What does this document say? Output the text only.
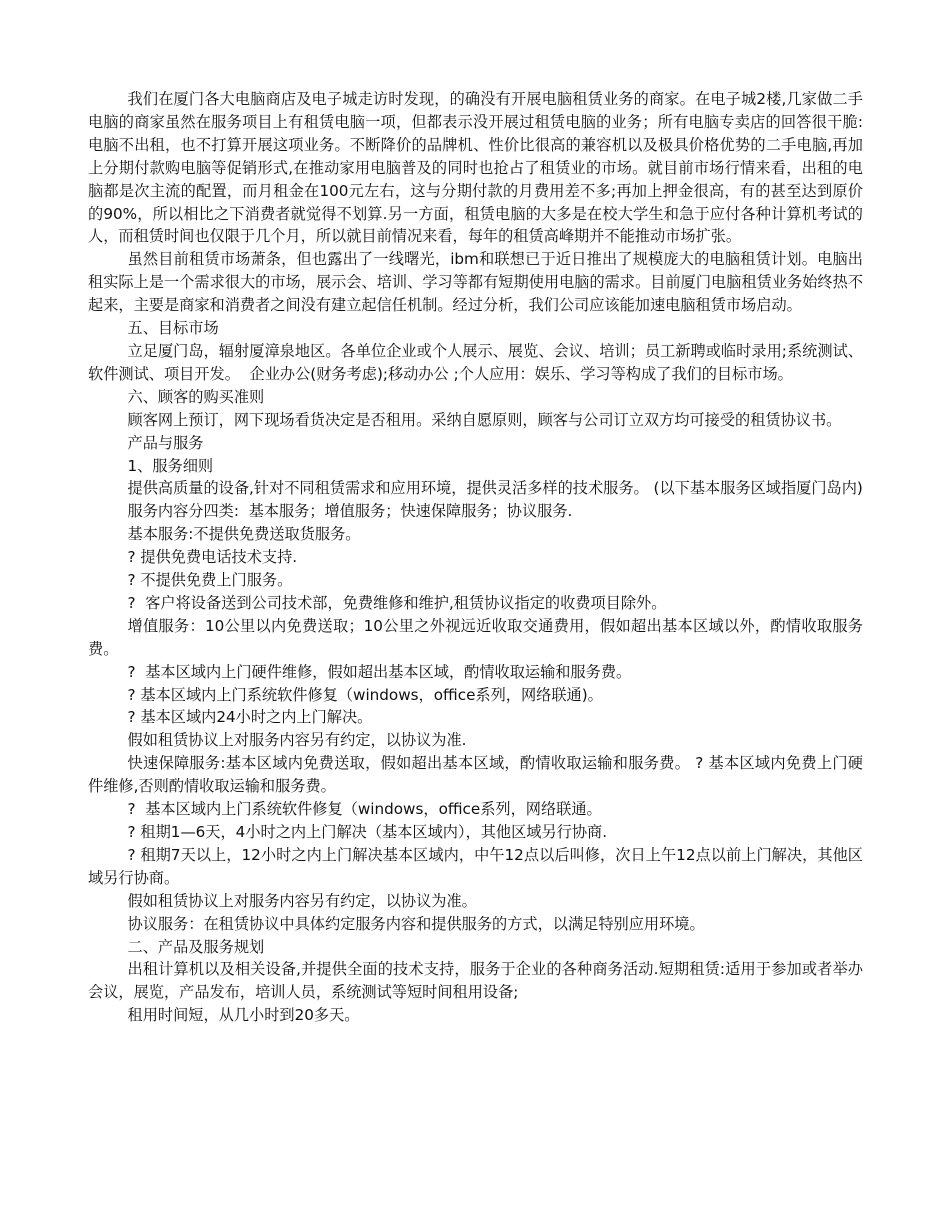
我们在厦门各大电脑商店及电子城走访时发现，的确没有开展电脑租赁业务的商家。在电子城2楼,几家做二手电脑的商家虽然在服务项目上有租赁电脑一项，但都表示没开展过租赁电脑的业务；所有电脑专卖店的回答很干脆:电脑不出租，也不打算开展这项业务。不断降价的品牌机、性价比很高的兼容机以及极具价格优势的二手电脑,再加上分期付款购电脑等促销形式,在推动家用电脑普及的同时也抢占了租赁业的市场。就目前市场行情来看，出租的电脑都是次主流的配置，而月租金在100元左右，这与分期付款的月费用差不多;再加上押金很高，有的甚至达到原价的90%，所以相比之下消费者就觉得不划算.另一方面，租赁电脑的大多是在校大学生和急于应付各种计算机考试的人，而租赁时间也仅限于几个月，所以就目前情况来看，每年的租赁高峰期并不能推动市场扩张。

虽然目前租赁市场萧条，但也露出了一线曙光，ibm和联想已于近日推出了规模庞大的电脑租赁计划。电脑出租实际上是一个需求很大的市场，展示会、培训、学习等都有短期使用电脑的需求。目前厦门电脑租赁业务始终热不起来，主要是商家和消费者之间没有建立起信任机制。经过分析，我们公司应该能加速电脑租赁市场启动。

五、目标市场

立足厦门岛，辐射厦漳泉地区。各单位企业或个人展示、展览、会议、培训；员工新聘或临时录用;系统测试、软件测试、项目开发。  企业办公(财务考虑);移动办公 ;个人应用：娱乐、学习等构成了我们的目标市场。

六、顾客的购买准则

顾客网上预订，网下现场看货决定是否租用。采纳自愿原则，顾客与公司订立双方均可接受的租赁协议书。

产品与服务

1、服务细则

提供高质量的设备,针对不同租赁需求和应用环境，提供灵活多样的技术服务。 (以下基本服务区域指厦门岛内)

服务内容分四类:  基本服务；增值服务；快速保障服务；协议服务.

基本服务:不提供免费送取货服务。

? 提供免费电话技术支持.

? 不提供免费上门服务。

?  客户将设备送到公司技术部，免费维修和维护,租赁协议指定的收费项目除外。

增值服务：10公里以内免费送取；10公里之外视远近收取交通费用，假如超出基本区域以外，酌情收取服务费。

?  基本区域内上门硬件维修，假如超出基本区域，酌情收取运输和服务费。

? 基本区域内上门系统软件修复（windows，office系列，网络联通)。

? 基本区域内24小时之内上门解决。

假如租赁协议上对服务内容另有约定，以协议为准.

快速保障服务:基本区域内免费送取，假如超出基本区域，酌情收取运输和服务费。 ? 基本区域内免费上门硬件维修,否则酌情收取运输和服务费。

?  基本区域内上门系统软件修复（windows，office系列，网络联通。

? 租期1—6天，4小时之内上门解决（基本区域内），其他区域另行协商.

? 租期7天以上，12小时之内上门解决基本区域内，中午12点以后叫修，次日上午12点以前上门解决，其他区域另行协商。

假如租赁协议上对服务内容另有约定，以协议为准。

协议服务：在租赁协议中具体约定服务内容和提供服务的方式，以满足特别应用环境。

二、产品及服务规划

出租计算机以及相关设备,并提供全面的技术支持，服务于企业的各种商务活动.短期租赁:适用于参加或者举办会议，展览，产品发布，培训人员，系统测试等短时间租用设备;

租用时间短，从几小时到20多天。
